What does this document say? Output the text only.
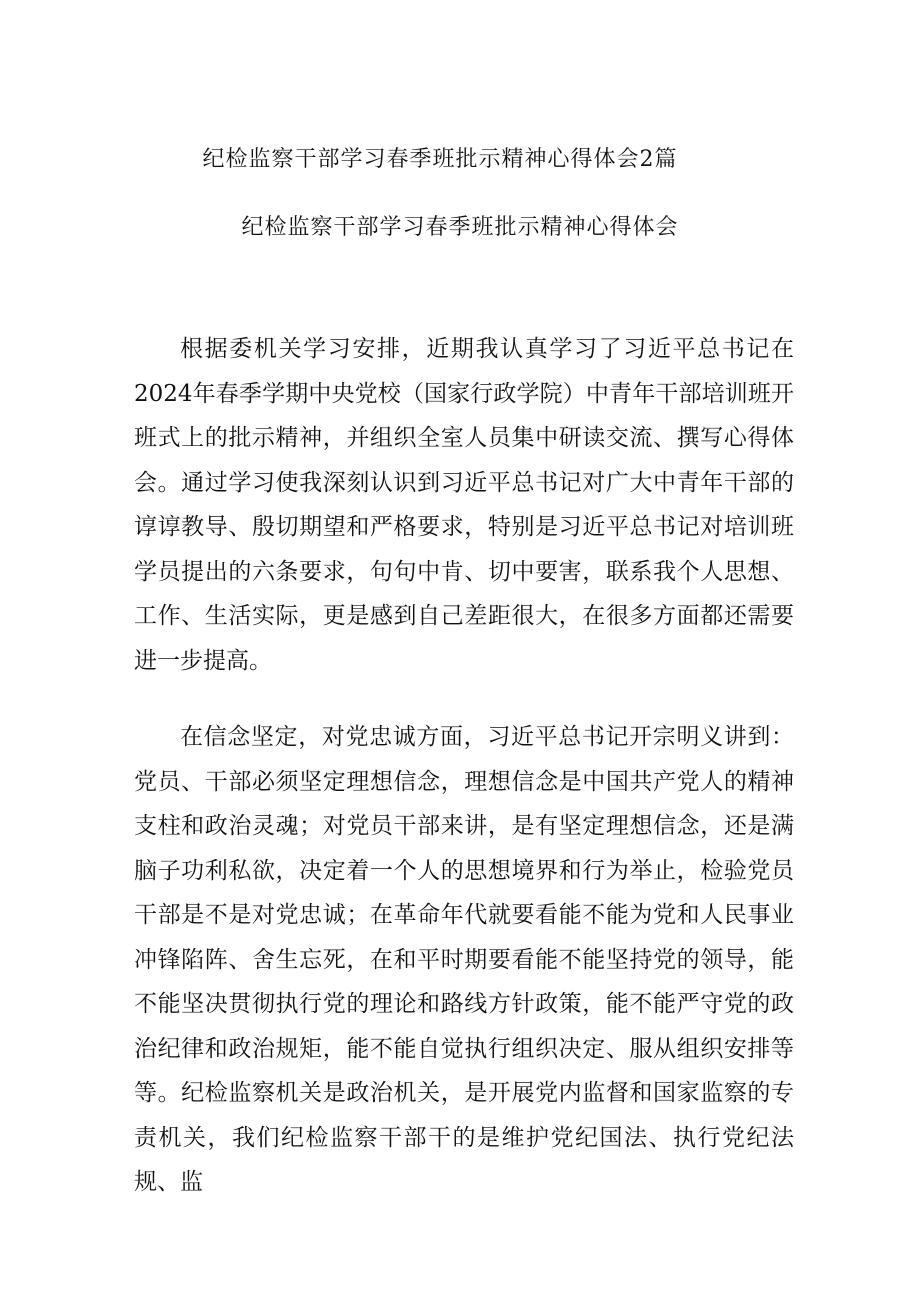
纪检监察干部学习春季班批示精神心得体会2篇
纪检监察干部学习春季班批示精神心得体会

根据委机关学习安排，近期我认真学习了习近平总书记在2024年春季学期中央党校（国家行政学院）中青年干部培训班开班式上的批示精神，并组织全室人员集中研读交流、撰写心得体会。通过学习使我深刻认识到习近平总书记对广大中青年干部的谆谆教导、殷切期望和严格要求，特别是习近平总书记对培训班学员提出的六条要求，句句中肯、切中要害，联系我个人思想、工作、生活实际，更是感到自己差距很大，在很多方面都还需要进一步提高。

在信念坚定，对党忠诚方面，习近平总书记开宗明义讲到：党员、干部必须坚定理想信念，理想信念是中国共产党人的精神支柱和政治灵魂；对党员干部来讲，是有坚定理想信念，还是满脑子功利私欲，决定着一个人的思想境界和行为举止，检验党员干部是不是对党忠诚；在革命年代就要看能不能为党和人民事业冲锋陷阵、舍生忘死，在和平时期要看能不能坚持党的领导，能不能坚决贯彻执行党的理论和路线方针政策，能不能严守党的政治纪律和政治规矩，能不能自觉执行组织决定、服从组织安排等等。纪检监察机关是政治机关，是开展党内监督和国家监察的专责机关，我们纪检监察干部干的是维护党纪国法、执行党纪法规、监
